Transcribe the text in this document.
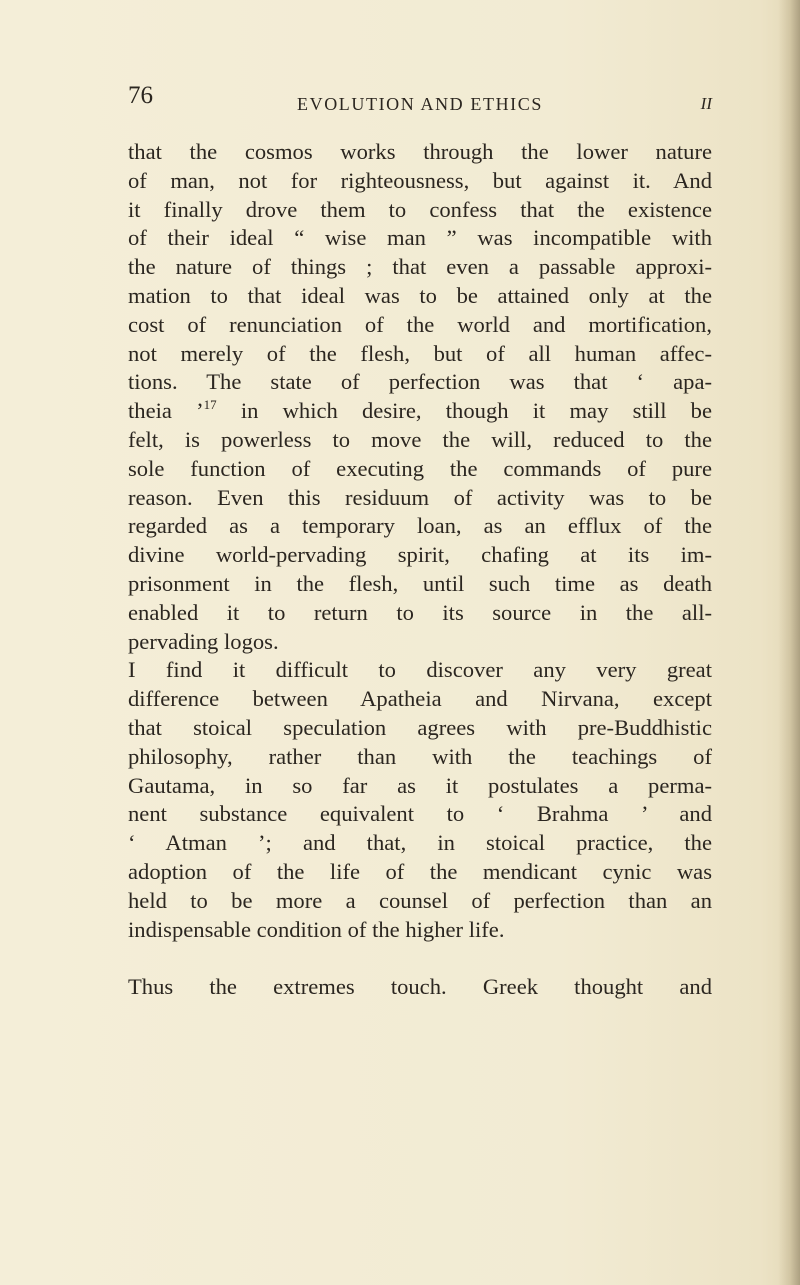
76	EVOLUTION AND ETHICS	II
that the cosmos works through the lower nature
of man, not for righteousness, but against it. And
it finally drove them to confess that the existence
of their ideal “ wise man ” was incompatible with
the nature of things ; that even a passable approxi-
mation to that ideal was to be attained only at the
cost of renunciation of the world and mortification,
not merely of the flesh, but of all human affec-
tions. The state of perfection was that ‘ apa-
theia ’$^{17}$ in which desire, though it may still be
felt, is powerless to move the will, reduced to the
sole function of executing the commands of pure
reason. Even this residuum of activity was to be
regarded as a temporary loan, as an efflux of the
divine world-pervading spirit, chafing at its im-
prisonment in the flesh, until such time as death
enabled it to return to its source in the all-
pervading logos.
I find it difficult to discover any very great
difference between Apatheia and Nirvana, except
that stoical speculation agrees with pre-Buddhistic
philosophy, rather than with the teachings of
Gautama, in so far as it postulates a perma-
nent substance equivalent to ‘ Brahma ’ and
‘ Atman ’; and that, in stoical practice, the
adoption of the life of the mendicant cynic was
held to be more a counsel of perfection than an
indispensable condition of the higher life.
Thus the extremes touch. Greek thought and
